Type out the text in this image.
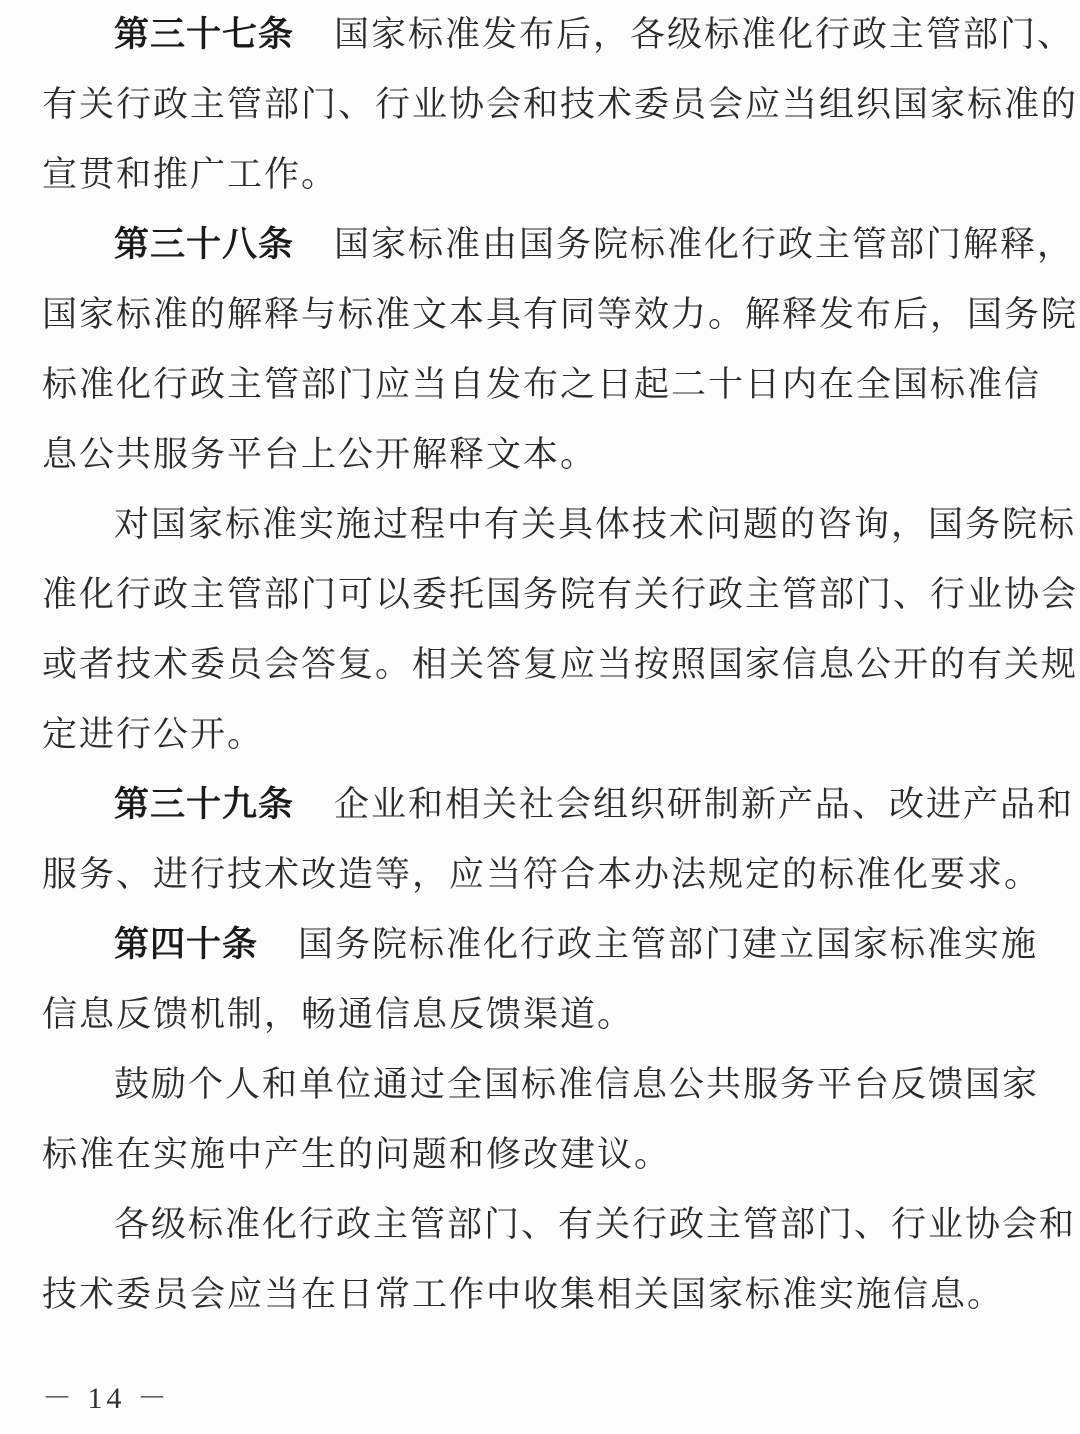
第三十七条 国家标准发布后，各级标准化行政主管部门、
有关行政主管部门、行业协会和技术委员会应当组织国家标准的
宣贯和推广工作。
第三十八条 国家标准由国务院标准化行政主管部门解释，
国家标准的解释与标准文本具有同等效力。解释发布后，国务院
标准化行政主管部门应当自发布之日起二十日内在全国标准信
息公共服务平台上公开解释文本。
对国家标准实施过程中有关具体技术问题的咨询，国务院标
准化行政主管部门可以委托国务院有关行政主管部门、行业协会
或者技术委员会答复。相关答复应当按照国家信息公开的有关规
定进行公开。
第三十九条 企业和相关社会组织研制新产品、改进产品和
服务、进行技术改造等，应当符合本办法规定的标准化要求。
第四十条 国务院标准化行政主管部门建立国家标准实施
信息反馈机制，畅通信息反馈渠道。
鼓励个人和单位通过全国标准信息公共服务平台反馈国家
标准在实施中产生的问题和修改建议。
各级标准化行政主管部门、有关行政主管部门、行业协会和
技术委员会应当在日常工作中收集相关国家标准实施信息。
－ 14 －
